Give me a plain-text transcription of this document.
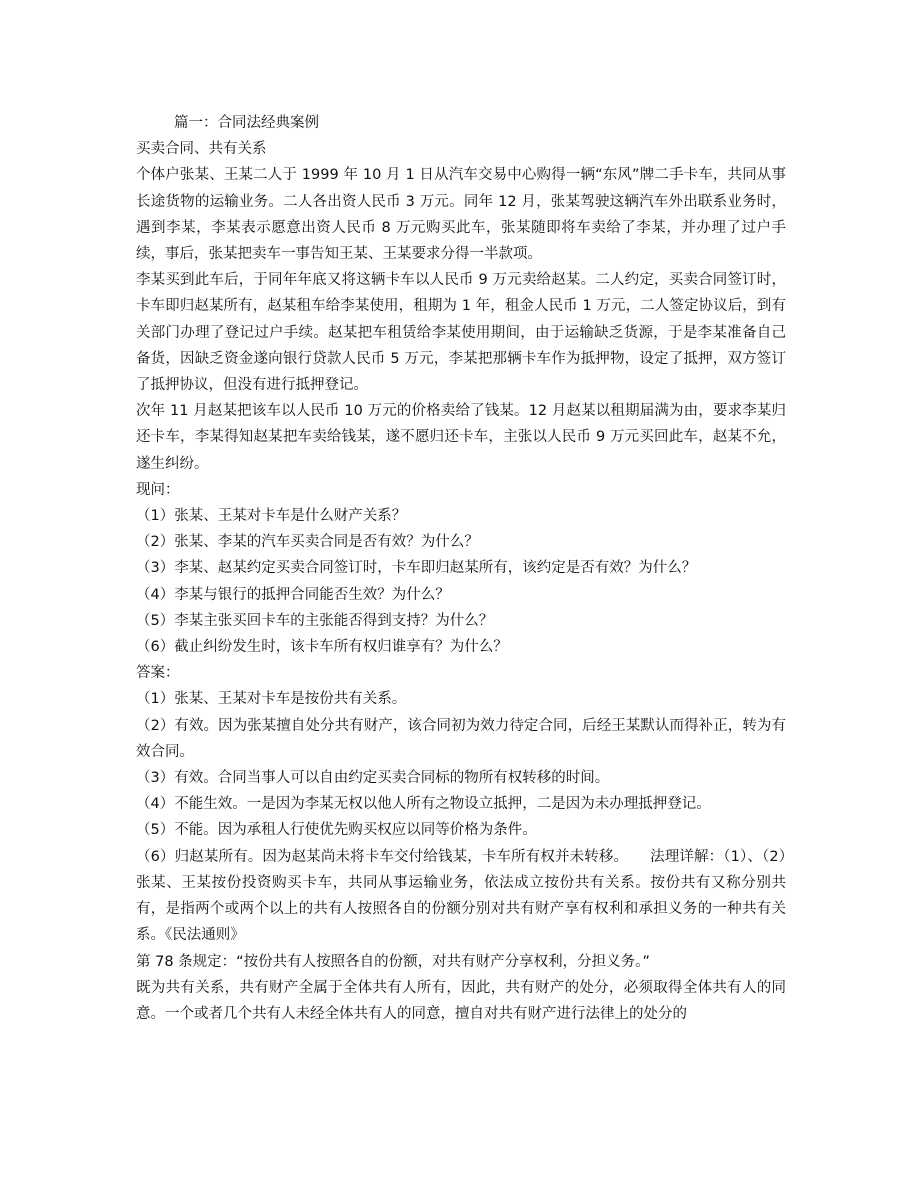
篇一：合同法经典案例

买卖合同、共有关系

个体户张某、王某二人于 1999 年 10 月 1 日从汽车交易中心购得一辆“东风”牌二手卡车，共同从事长途货物的运输业务。二人各出资人民币 3 万元。同年 12 月，张某驾驶这辆汽车外出联系业务时，遇到李某，李某表示愿意出资人民币 8 万元购买此车，张某随即将车卖给了李某，并办理了过户手续，事后，张某把卖车一事告知王某、王某要求分得一半款项。

李某买到此车后，于同年年底又将这辆卡车以人民币 9 万元卖给赵某。二人约定，买卖合同签订时，卡车即归赵某所有，赵某租车给李某使用，租期为 1 年，租金人民币 1 万元，二人签定协议后，到有关部门办理了登记过户手续。赵某把车租赁给李某使用期间，由于运输缺乏货源，于是李某准备自己备货，因缺乏资金遂向银行贷款人民币 5 万元，李某把那辆卡车作为抵押物，设定了抵押，双方签订了抵押协议，但没有进行抵押登记。

次年 11 月赵某把该车以人民币 10 万元的价格卖给了钱某。12 月赵某以租期届满为由，要求李某归还卡车，李某得知赵某把车卖给钱某，遂不愿归还卡车，主张以人民币 9 万元买回此车，赵某不允，遂生纠纷。

现问：

（1）张某、王某对卡车是什么财产关系？

（2）张某、李某的汽车买卖合同是否有效？为什么？

（3）李某、赵某约定买卖合同签订时，卡车即归赵某所有，该约定是否有效？为什么？

（4）李某与银行的抵押合同能否生效？为什么？

（5）李某主张买回卡车的主张能否得到支持？为什么？

（6）截止纠纷发生时，该卡车所有权归谁享有？为什么？

答案：

（1）张某、王某对卡车是按份共有关系。

（2）有效。因为张某擅自处分共有财产，该合同初为效力待定合同，后经王某默认而得补正，转为有效合同。

（3）有效。合同当事人可以自由约定买卖合同标的物所有权转移的时间。

（4）不能生效。一是因为李某无权以他人所有之物设立抵押，二是因为未办理抵押登记。

（5）不能。因为承租人行使优先购买权应以同等价格为条件。

（6）归赵某所有。因为赵某尚未将卡车交付给钱某，卡车所有权并未转移。　　法理详解：（1）、（2）张某、王某按份投资购买卡车，共同从事运输业务，依法成立按份共有关系。按份共有又称分别共有，是指两个或两个以上的共有人按照各自的份额分别对共有财产享有权利和承担义务的一种共有关系。《民法通则》

第 78 条规定：“按份共有人按照各自的份额，对共有财产分享权利，分担义务。”

既为共有关系，共有财产全属于全体共有人所有，因此，共有财产的处分，必须取得全体共有人的同意。一个或者几个共有人未经全体共有人的同意，擅自对共有财产进行法律上的处分的
